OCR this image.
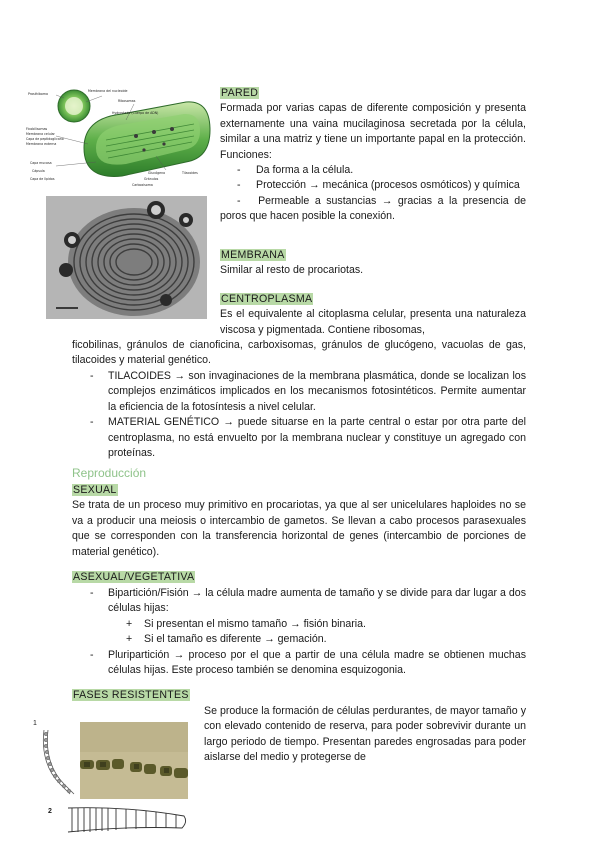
Prosthiboma
Membrana del nucleoide
Ribosomas
Hydrostado (Cuerpo de ADN)
Ficobilisomas
Membrana celular
Capa de peptidoglicano
Membrana externa
Tilacoides
Gránulos
Carboxisoma
Glucógeno
Cápsula
Capa mucosa
Capa de lípidos
PARED
Formada por varias capas de diferente composición y presenta externamente una vaina mucilaginosa secretada por la célula, similar a una matriz y tiene un importante papal en la protección. Funciones:
- Da forma a la célula.
- Protección → mecánica (procesos osmóticos) y química
- Permeable a sustancias → gracias a la presencia de poros que hacen posible la conexión.
MEMBRANA
Similar al resto de procariotas.
CENTROPLASMA
Es el equivalente al citoplasma celular, presenta una naturaleza viscosa y pigmentada. Contiene ribosomas,
ficobilinas, gránulos de cianoficina, carboxisomas, gránulos de glucógeno, vacuolas de gas, tilacoides y material genético.
- TILACOIDES → son invaginaciones de la membrana plasmática, donde se localizan los complejos enzimáticos implicados en los mecanismos fotosintéticos. Permite aumentar la eficiencia de la fotosíntesis a nivel celular.
- MATERIAL GENÉTICO → puede situarse en la parte central o estar por otra parte del centroplasma, no está envuelto por la membrana nuclear y constituye un agregado con proteínas.
Reproducción
SEXUAL
Se trata de un proceso muy primitivo en procariotas, ya que al ser unicelulares haploides no se va a producir una meiosis o intercambio de gametos. Se llevan a cabo procesos parasexuales que se corresponden con la transferencia horizontal de genes (intercambio de porciones de material genético).
ASEXUAL/VEGETATIVA
- Bipartición/Fisión → la célula madre aumenta de tamaño y se divide para dar lugar a dos células hijas:
+ Si presentan el mismo tamaño → fisión binaria.
+ Si el tamaño es diferente → gemación.
- Pluripartición → proceso por el que a partir de una célula madre se obtienen muchas células hijas. Este proceso también se denomina esquizogonia.
FASES RESISTENTES
Se produce la formación de células perdurantes, de mayor tamaño y con elevado contenido de reserva, para poder sobrevivir durante un largo periodo de tiempo. Presentan paredes engrosadas para poder aislarse del medio y protegerse de
1
2
